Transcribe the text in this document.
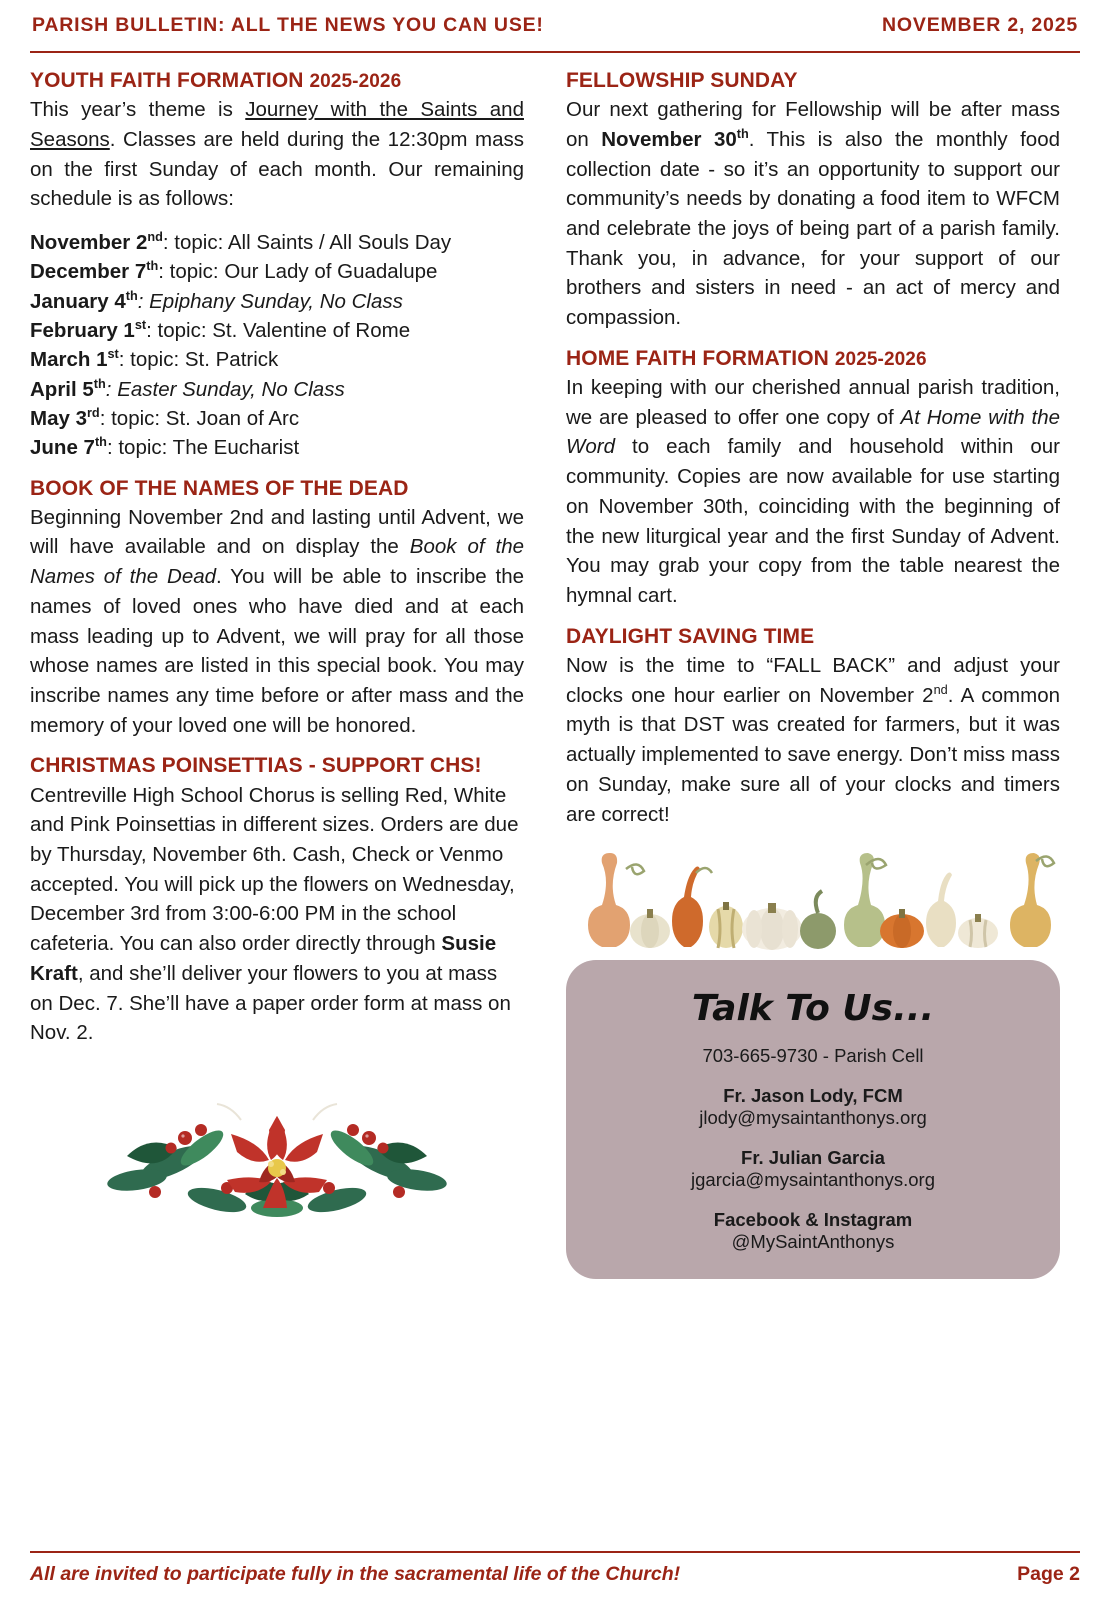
PARISH BULLETIN: ALL THE NEWS YOU CAN USE!	NOVEMBER 2, 2025
YOUTH FAITH FORMATION 2025-2026

This year’s theme is Journey with the Saints and Seasons. Classes are held during the 12:30pm mass on the first Sunday of each month. Our remaining schedule is as follows:

November 2nd: topic: All Saints / All Souls Day
December 7th: topic: Our Lady of Guadalupe
January 4th: Epiphany Sunday, No Class
February 1st: topic: St. Valentine of Rome
March 1st: topic: St. Patrick
April 5th: Easter Sunday, No Class
May 3rd: topic: St. Joan of Arc
June 7th: topic: The Eucharist
BOOK OF THE NAMES OF THE DEAD

Beginning November 2nd and lasting until Advent, we will have available and on display the Book of the Names of the Dead. You will be able to inscribe the names of loved ones who have died and at each mass leading up to Advent, we will pray for all those whose names are listed in this special book. You may inscribe names any time before or after mass and the memory of your loved one will be honored.

CHRISTMAS POINSETTIAS - SUPPORT CHS!

Centreville High School Chorus is selling Red, White and Pink Poinsettias in different sizes. Orders are due by Thursday, November 6th. Cash, Check or Venmo accepted. You will pick up the flowers on Wednesday, December 3rd from 3:00-6:00 PM in the school cafeteria. You can also order directly through Susie Kraft, and she’ll deliver your flowers to you at mass on Dec. 7. She’ll have a paper order form at mass on Nov. 2.

FELLOWSHIP SUNDAY

Our next gathering for Fellowship will be after mass on November 30th. This is also the monthly food collection date - so it’s an opportunity to support our community’s needs by donating a food item to WFCM and celebrate the joys of being part of a parish family. Thank you, in advance, for your support of our brothers and sisters in need - an act of mercy and compassion.

HOME FAITH FORMATION 2025-2026

In keeping with our cherished annual parish tradition, we are pleased to offer one copy of At Home with the Word to each family and household within our community. Copies are now available for use starting on November 30th, coinciding with the beginning of the new liturgical year and the first Sunday of Advent. You may grab your copy from the table nearest the hymnal cart.

DAYLIGHT SAVING TIME

Now is the time to “FALL BACK” and adjust your clocks one hour earlier on November 2nd. A common myth is that DST was created for farmers, but it was actually implemented to save energy. Don’t miss mass on Sunday, make sure all of your clocks and timers are correct!

Talk To Us...

703-665-9730 - Parish Cell

Fr. Jason Lody, FCM

jlody@mysaintanthonys.org

Fr. Julian Garcia

jgarcia@mysaintanthonys.org

Facebook & Instagram

@MySaintAnthonys

All are invited to participate fully in the sacramental life of the Church!	Page 2
